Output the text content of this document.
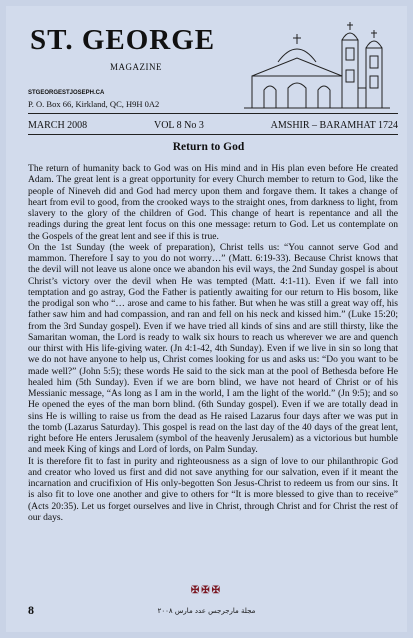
ST. GEORGE
MAGAZINE
STGEORGESTJOSEPH.CA
P. O. Box 66, Kirkland, QC, H9H 0A2
MARCH 2008	VOL 8 No 3	AMSHIR – BARAMHAT 1724
Return to God

The return of humanity back to God was on His mind and in His plan even before He created Adam. The great lent is a great opportunity for every Church member to return to God, like the people of Nineveh did and God had mercy upon them and forgave them. It takes a change of heart from evil to good, from the crooked ways to the straight ones, from darkness to light, from slavery to the glory of the children of God. This change of heart is repentance and all the readings during the great lent focus on this one message: return to God. Let us contemplate on the Gospels of the great lent and see if this is true.

On the 1st Sunday (the week of preparation), Christ tells us: “You cannot serve God and mammon. Therefore I say to you do not worry…” (Matt. 6:19-33). Because Christ knows that the devil will not leave us alone once we abandon his evil ways, the 2nd Sunday gospel is about Christ’s victory over the devil when He was tempted (Matt. 4:1-11). Even if we fall into temptation and go astray, God the Father is patiently awaiting for our return to His bosom, like the prodigal son who “… arose and came to his father. But when he was still a great way off, his father saw him and had compassion, and ran and fell on his neck and kissed him.” (Luke 15:20; from the 3rd Sunday gospel). Even if we have tried all kinds of sins and are still thirsty, like the Samaritan woman, the Lord is ready to walk six hours to reach us wherever we are and quench our thirst with His life-giving water. (Jn 4:1-42, 4th Sunday). Even if we live in sin so long that we do not have anyone to help us, Christ comes looking for us and asks us: “Do you want to be made well?” (John 5:5); these words He said to the sick man at the pool of Bethesda before He healed him (5th Sunday). Even if we are born blind, we have not heard of Christ or of his Messianic message, “As long as I am in the world, I am the light of the world.” (Jn 9:5); and so He opened the eyes of the man born blind. (6th Sunday gospel). Even if we are totally dead in sins He is willing to raise us from the dead as He raised Lazarus four days after we was put in the tomb (Lazarus Saturday). This gospel is read on the last day of the 40 days of the great lent, right before He enters Jerusalem (symbol of the heavenly Jerusalem) as a victorious but humble and meek King of kings and Lord of lords, on Palm Sunday.

It is therefore fit to fast in purity and righteousness as a sign of love to our philanthropic God and creator who loved us first and did not save anything for our salvation, even if it meant the incarnation and crucifixion of His only-begotten Son Jesus-Christ to redeem us from our sins. It is also fit to love one another and give to others for “It is more blessed to give than to receive” (Acts 20:35). Let us forget ourselves and live in Christ, through Christ and for Christ the rest of our days.

✠✠✠
8	مجلة مارجرجس عدد مارس ٢٠٠٨
